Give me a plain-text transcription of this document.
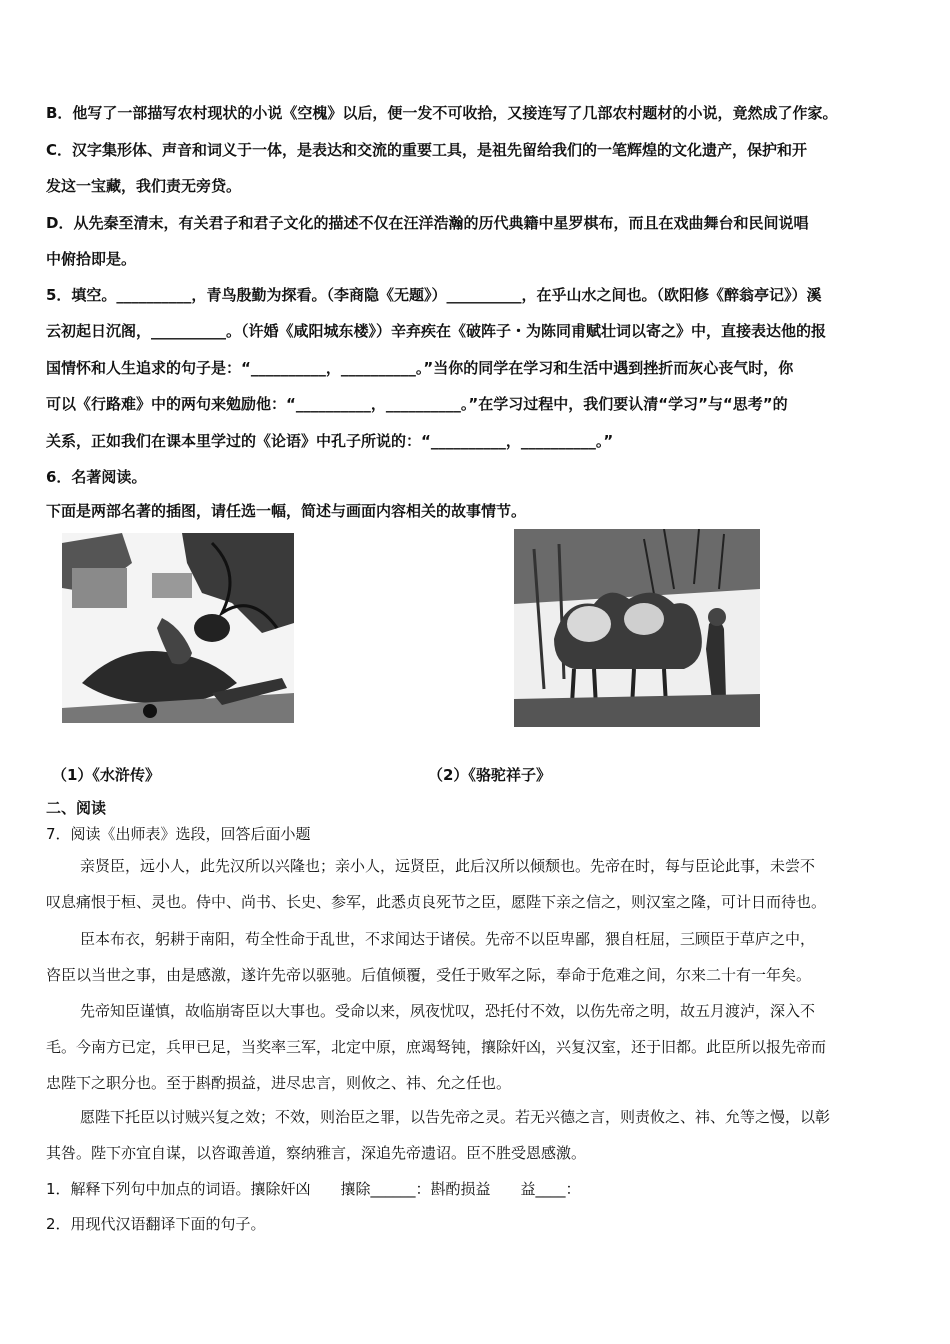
B．他写了一部描写农村现状的小说《空槐》以后，便一发不可收拾，又接连写了几部农村题材的小说，竟然成了作家。
C．汉字集形体、声音和词义于一体，是表达和交流的重要工具，是祖先留给我们的一笔辉煌的文化遗产，保护和开
发这一宝藏，我们责无旁贷。
D．从先秦至清末，有关君子和君子文化的描述不仅在汪洋浩瀚的历代典籍中星罗棋布，而且在戏曲舞台和民间说唱
中俯拾即是。
5．填空。__________，青鸟殷勤为探看。（李商隐《无题》）__________，在乎山水之间也。（欧阳修《醉翁亭记》）溪
云初起日沉阁，__________。（许婚《咸阳城东楼》）辛弃疾在《破阵子・为陈同甫赋壮词以寄之》中，直接表达他的报
国情怀和人生追求的句子是：“__________，__________。”当你的同学在学习和生活中遇到挫折而灰心丧气时，你
可以《行路难》中的两句来勉励他：“__________，__________。”在学习过程中，我们要认清“学习”与“思考”的
关系，正如我们在课本里学过的《论语》中孔子所说的：“__________，__________。”
6．名著阅读。
下面是两部名著的插图，请任选一幅，简述与画面内容相关的故事情节。
（1）《水浒传》	（2）《骆驼祥子》
二、阅读
7．阅读《出师表》选段，回答后面小题
亲贤臣，远小人，此先汉所以兴隆也；亲小人，远贤臣，此后汉所以倾颓也。先帝在时，每与臣论此事，未尝不
叹息痛恨于桓、灵也。侍中、尚书、长史、参军，此悉贞良死节之臣，愿陛下亲之信之，则汉室之隆，可计日而待也。
臣本布衣，躬耕于南阳，苟全性命于乱世，不求闻达于诸侯。先帝不以臣卑鄙，猥自枉屈，三顾臣于草庐之中，
咨臣以当世之事，由是感激，遂许先帝以驱驰。后值倾覆，受任于败军之际，奉命于危难之间，尔来二十有一年矣。
先帝知臣谨慎，故临崩寄臣以大事也。受命以来，夙夜忧叹，恐托付不效，以伤先帝之明，故五月渡泸，深入不
毛。今南方已定，兵甲已足，当奖率三军，北定中原，庶竭驽钝，攘除奸凶，兴复汉室，还于旧都。此臣所以报先帝而
忠陛下之职分也。至于斟酌损益，进尽忠言，则攸之、祎、允之任也。
愿陛下托臣以讨贼兴复之效；不效，则治臣之罪，以告先帝之灵。若无兴德之言，则责攸之、祎、允等之慢，以彰
其咎。陛下亦宜自谋，以咨诹善道，察纳雅言，深追先帝遗诏。臣不胜受恩感激。
1．解释下列句中加点的词语。攘除奸凶　　攘除______：斟酌损益　　益____：
2．用现代汉语翻译下面的句子。
